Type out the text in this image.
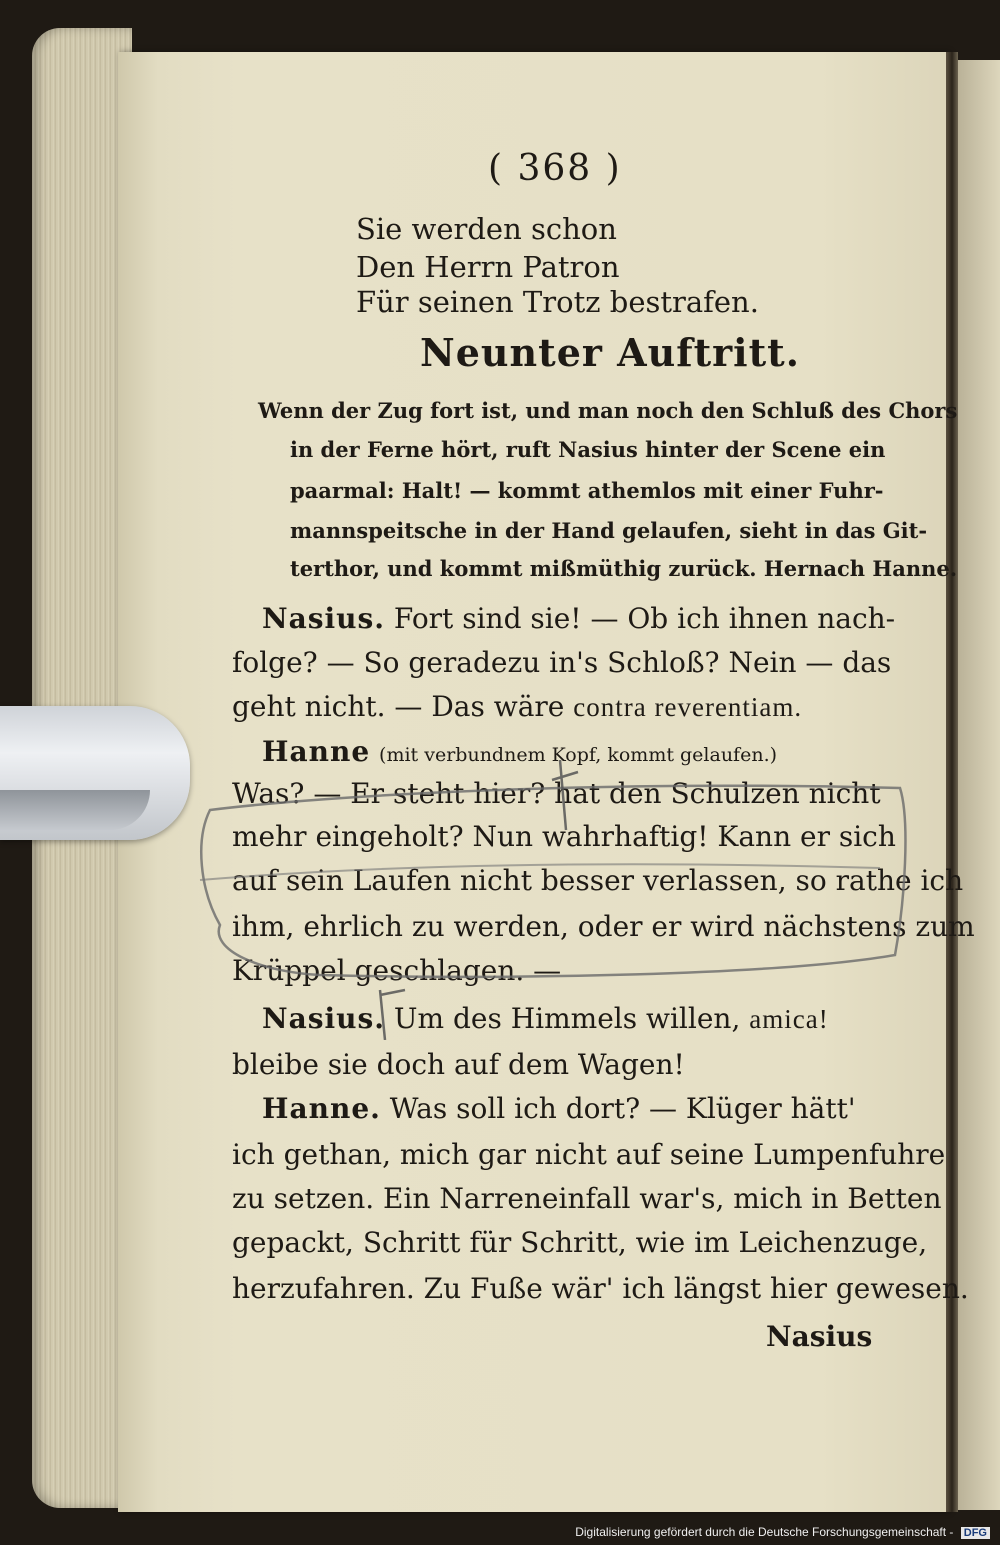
( 368 )
Sie werden schon
Den Herrn Patron
Für seinen Trotz bestrafen.
Neunter Auftritt.
Wenn der Zug fort ist, und man noch den Schluß des Chors
in der Ferne hört, ruft Nasius hinter der Scene ein
paarmal: Halt! — kommt athemlos mit einer Fuhr-
mannspeitsche in der Hand gelaufen, sieht in das Git-
terthor, und kommt mißmüthig zurück. Hernach Hanne.
Nasius. Fort sind sie! — Ob ich ihnen nach-
folge? — So geradezu in's Schloß? Nein — das
geht nicht. — Das wäre contra reverentiam.
Hanne (mit verbundnem Kopf, kommt gelaufen.)
Was? — Er steht hier? hat den Schulzen nicht
mehr eingeholt? Nun wahrhaftig! Kann er sich
auf sein Laufen nicht besser verlassen, so rathe ich
ihm, ehrlich zu werden, oder er wird nächstens zum
Krüppel geschlagen. —
Nasius. Um des Himmels willen, amica!
bleibe sie doch auf dem Wagen!
Hanne. Was soll ich dort? — Klüger hätt'
ich gethan, mich gar nicht auf seine Lumpenfuhre
zu setzen. Ein Narreneinfall war's, mich in Betten
gepackt, Schritt für Schritt, wie im Leichenzuge,
herzufahren. Zu Fuße wär' ich längst hier gewesen.
Nasius
Digitalisierung gefördert durch die Deutsche Forschungsgemeinschaft - DFG
